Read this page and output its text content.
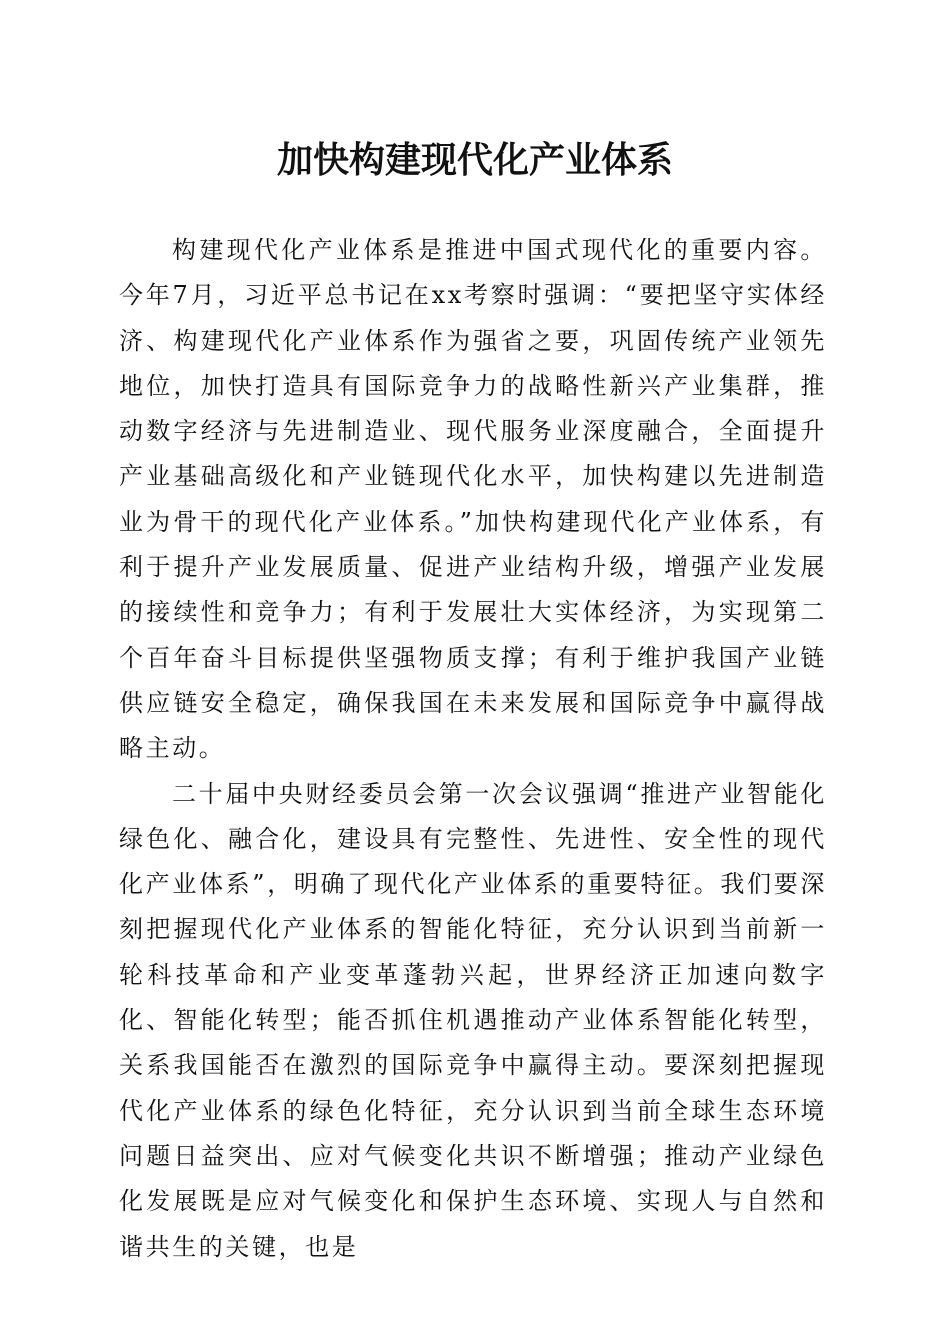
加快构建现代化产业体系

构建现代化产业体系是推进中国式现代化的重要内容。今年7月，习近平总书记在xx考察时强调：“要把坚守实体经济、构建现代化产业体系作为强省之要，巩固传统产业领先地位，加快打造具有国际竞争力的战略性新兴产业集群，推动数字经济与先进制造业、现代服务业深度融合，全面提升产业基础高级化和产业链现代化水平，加快构建以先进制造业为骨干的现代化产业体系。”加快构建现代化产业体系，有利于提升产业发展质量、促进产业结构升级，增强产业发展的接续性和竞争力；有利于发展壮大实体经济，为实现第二个百年奋斗目标提供坚强物质支撑；有利于维护我国产业链供应链安全稳定，确保我国在未来发展和国际竞争中赢得战略主动。

二十届中央财经委员会第一次会议强调“推进产业智能化绿色化、融合化，建设具有完整性、先进性、安全性的现代化产业体系”，明确了现代化产业体系的重要特征。我们要深刻把握现代化产业体系的智能化特征，充分认识到当前新一轮科技革命和产业变革蓬勃兴起，世界经济正加速向数字化、智能化转型；能否抓住机遇推动产业体系智能化转型，关系我国能否在激烈的国际竞争中赢得主动。要深刻把握现代化产业体系的绿色化特征，充分认识到当前全球生态环境问题日益突出、应对气候变化共识不断增强；推动产业绿色化发展既是应对气候变化和保护生态环境、实现人与自然和谐共生的关键，也是
